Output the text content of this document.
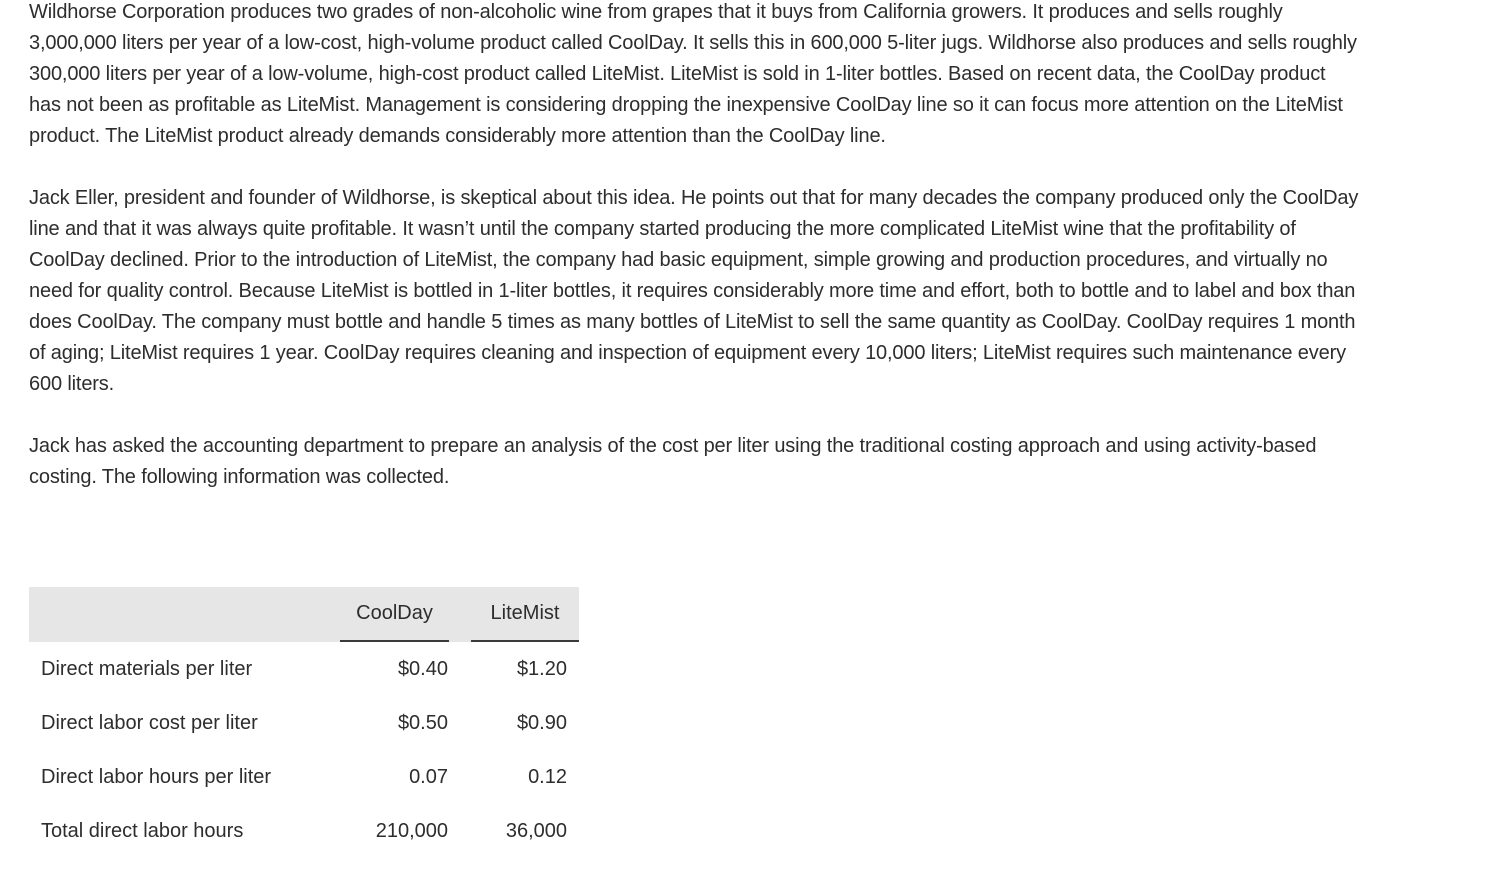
Wildhorse Corporation produces two grades of non-alcoholic wine from grapes that it buys from California growers. It produces and sells roughly 3,000,000 liters per year of a low-cost, high-volume product called CoolDay. It sells this in 600,000 5-liter jugs. Wildhorse also produces and sells roughly 300,000 liters per year of a low-volume, high-cost product called LiteMist. LiteMist is sold in 1-liter bottles. Based on recent data, the CoolDay product has not been as profitable as LiteMist. Management is considering dropping the inexpensive CoolDay line so it can focus more attention on the LiteMist product. The LiteMist product already demands considerably more attention than the CoolDay line.

Jack Eller, president and founder of Wildhorse, is skeptical about this idea. He points out that for many decades the company produced only the CoolDay line and that it was always quite profitable. It wasn’t until the company started producing the more complicated LiteMist wine that the profitability of CoolDay declined. Prior to the introduction of LiteMist, the company had basic equipment, simple growing and production procedures, and virtually no need for quality control. Because LiteMist is bottled in 1-liter bottles, it requires considerably more time and effort, both to bottle and to label and box than does CoolDay. The company must bottle and handle 5 times as many bottles of LiteMist to sell the same quantity as CoolDay. CoolDay requires 1 month of aging; LiteMist requires 1 year. CoolDay requires cleaning and inspection of equipment every 10,000 liters; LiteMist requires such maintenance every 600 liters.

Jack has asked the accounting department to prepare an analysis of the cost per liter using the traditional costing approach and using activity-based costing. The following information was collected.

	CoolDay	LiteMist

Direct materials per liter	$0.40	$1.20
Direct labor cost per liter	$0.50	$0.90
Direct labor hours per liter	0.07	0.12
Total direct labor hours	210,000	36,000
